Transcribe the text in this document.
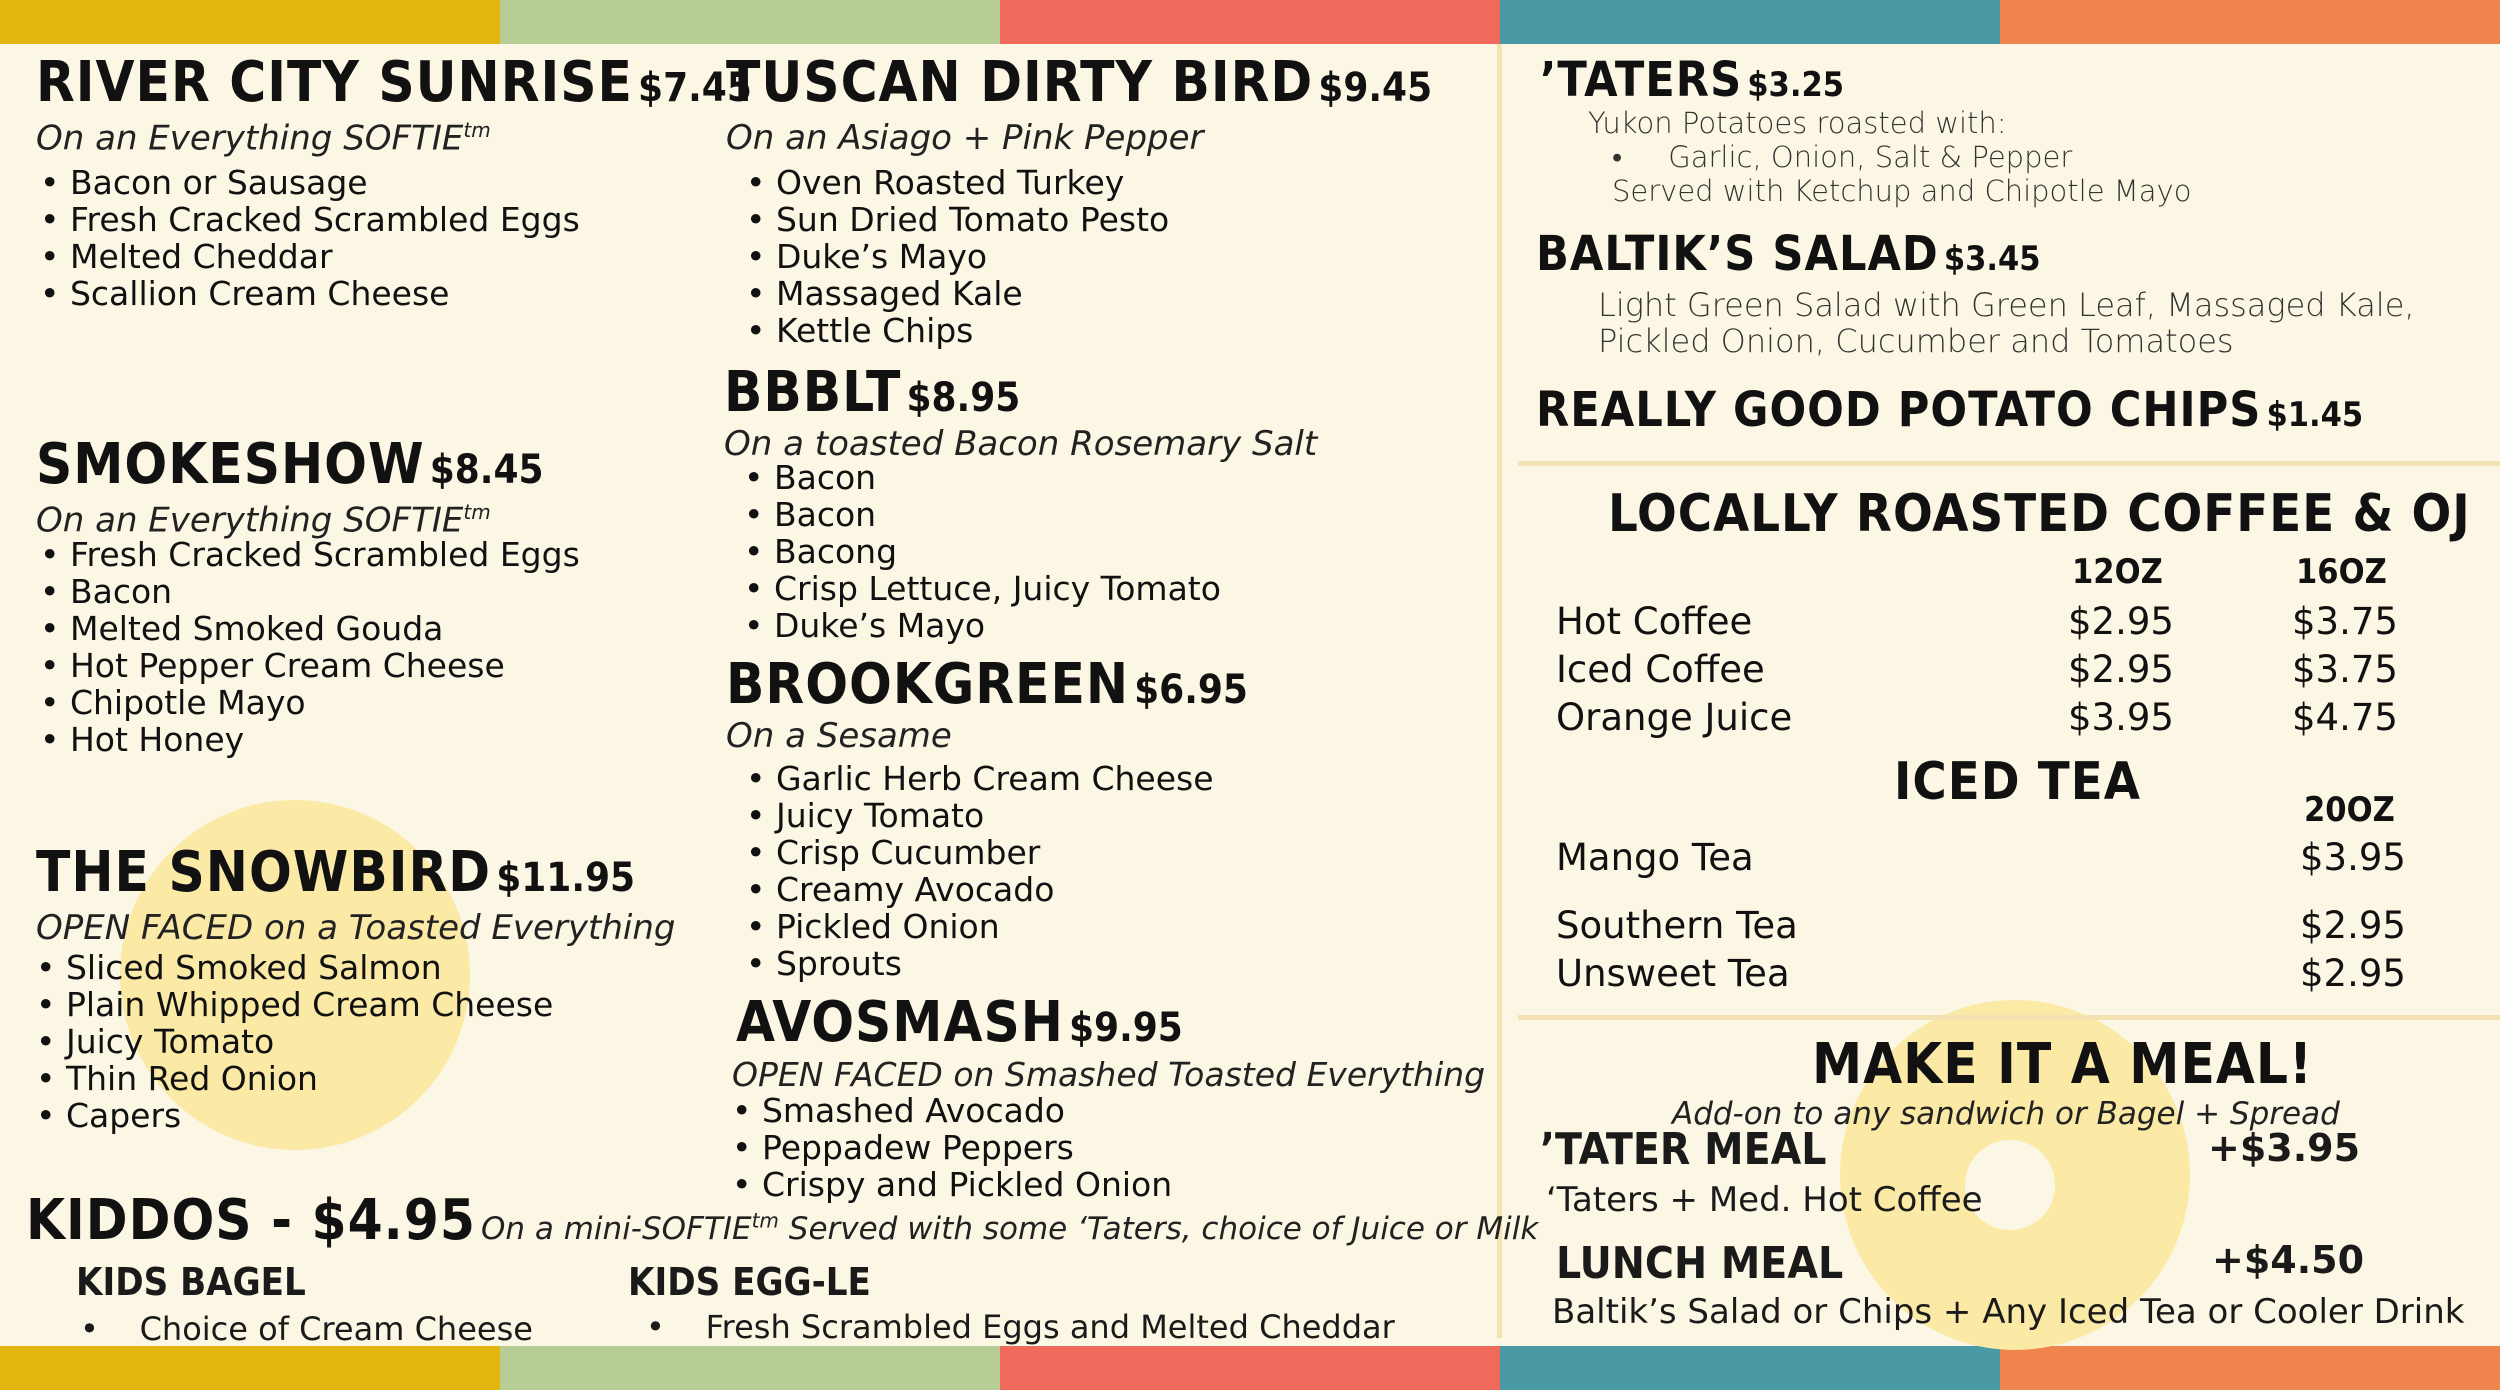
RIVER CITY SUNRISE $7.45
On an Everything $SOFTIE^{tm}$
• Bacon or Sausage
• Fresh Cracked Scrambled Eggs
• Melted Cheddar
• Scallion Cream Cheese
SMOKESHOW $8.45
On an Everything $SOFTIE^{tm}$
• Fresh Cracked Scrambled Eggs
• Bacon
• Melted Smoked Gouda
• Hot Pepper Cream Cheese
• Chipotle Mayo
• Hot Honey
THE SNOWBIRD $11.95
OPEN FACED on a Toasted Everything
• Sliced Smoked Salmon
• Plain Whipped Cream Cheese
• Juicy Tomato
• Thin Red Onion
• Capers
TUSCAN DIRTY BIRD $9.45
On an Asiago + Pink Pepper
• Oven Roasted Turkey
• Sun Dried Tomato Pesto
• Duke’s Mayo
• Massaged Kale
• Kettle Chips
BBBLT $8.95
On a toasted Bacon Rosemary Salt
• Bacon
• Bacon
• Bacong
• Crisp Lettuce, Juicy Tomato
• Duke’s Mayo
BROOKGREEN $6.95
On a Sesame
• Garlic Herb Cream Cheese
• Juicy Tomato
• Crisp Cucumber
• Creamy Avocado
• Pickled Onion
• Sprouts
AVOSMASH $9.95
OPEN FACED on Smashed Toasted Everything
• Smashed Avocado
• Peppadew Peppers
• Crispy and Pickled Onion
KIDDOS - $4.95 On a mini-$SOFTIE^{tm}$ Served with some ‘Taters, choice of Juice or Milk
KIDS BAGEL
•    Choice of Cream Cheese
KIDS EGG-LE
•    Fresh Scrambled Eggs and Melted Cheddar
’TATERS $3.25
Yukon Potatoes roasted with:
•     Garlic, Onion, Salt & Pepper
Served with Ketchup and Chipotle Mayo
BALTIK’S SALAD $3.45
Light Green Salad with Green Leaf, Massaged Kale,
Pickled Onion, Cucumber and Tomatoes
REALLY GOOD POTATO CHIPS $1.45
LOCALLY ROASTED COFFEE & OJ
12OZ	16OZ
Hot Coffee	$2.95	$3.75
Iced Coffee	$2.95	$3.75
Orange Juice	$3.95	$4.75
ICED TEA	20OZ
Mango Tea	$3.95
Southern Tea	$2.95
Unsweet Tea	$2.95
MAKE IT A MEAL!
Add-on to any sandwich or Bagel + Spread
’TATER MEAL	+$3.95
‘Taters + Med. Hot Coffee
LUNCH MEAL	+$4.50
Baltik’s Salad or Chips + Any Iced Tea or Cooler Drink
